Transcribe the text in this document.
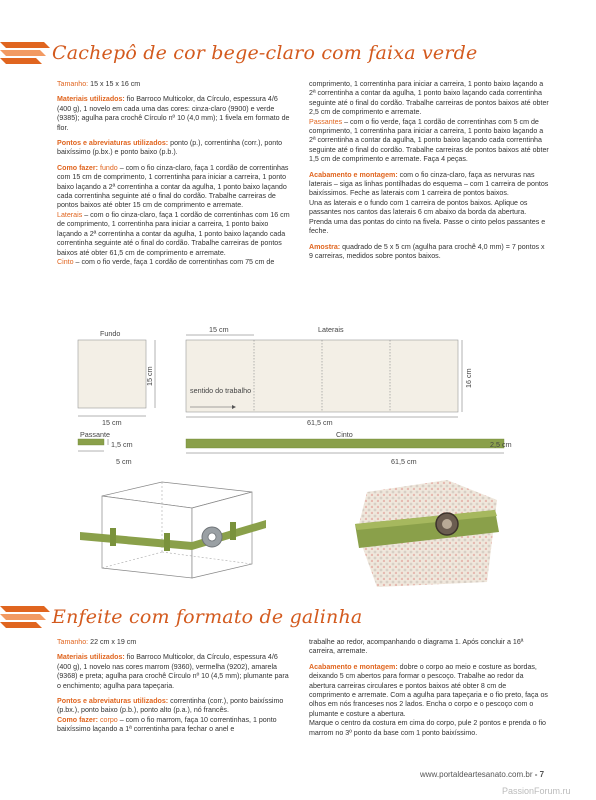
Cachepô de cor bege-claro com faixa verde

Tamanho: 15 x 15 x 16 cm

Materiais utilizados: fio Barroco Multicolor, da Círculo, espessura 4/6 (400 g), 1 novelo em cada uma das cores: cinza-claro (9900) e verde (9385); agulha para crochê Círculo nº 10 (4,0 mm); 1 fivela em formato de flor.

Pontos e abreviaturas utilizados: ponto (p.), correntinha (corr.), ponto baixíssimo (p.bx.) e ponto baixo (p.b.).

Como fazer: fundo – com o fio cinza-claro, faça 1 cordão de correntinhas com 15 cm de comprimento, 1 correntinha para iniciar a carreira, 1 ponto baixo laçando a 2ª correntinha a contar da agulha, 1 ponto baixo laçando cada correntinha seguinte até o final do cordão. Trabalhe carreiras de pontos baixos até obter 15 cm de comprimento e arremate.

Laterais – com o fio cinza-claro, faça 1 cordão de correntinhas com 16 cm de comprimento, 1 correntinha para iniciar a carreira, 1 ponto baixo laçando a 2ª correntinha a contar da agulha, 1 ponto baixo laçando cada correntinha seguinte até o final do cordão. Trabalhe carreiras de pontos baixos até obter 61,5 cm de comprimento e arremate.

Cinto – com o fio verde, faça 1 cordão de correntinhas com 75 cm de

comprimento, 1 correntinha para iniciar a carreira, 1 ponto baixo laçando a 2ª correntinha a contar da agulha, 1 ponto baixo laçando cada correntinha seguinte até o final do cordão. Trabalhe carreiras de pontos baixos até obter 2,5 cm de comprimento e arremate.

Passantes – com o fio verde, faça 1 cordão de correntinhas com 5 cm de comprimento, 1 correntinha para iniciar a carreira, 1 ponto baixo laçando a 2ª correntinha a contar da agulha, 1 ponto baixo laçando cada correntinha seguinte até o final do cordão. Trabalhe carreiras de pontos baixos até obter 1,5 cm de comprimento e arremate. Faça 4 peças.

Acabamento e montagem: com o fio cinza-claro, faça as nervuras nas laterais – siga as linhas pontilhadas do esquema – com 1 carreira de pontos baixíssimos. Feche as laterais com 1 carreira de pontos baixos.

Una as laterais e o fundo com 1 carreira de pontos baixos. Aplique os passantes nos cantos das laterais 6 cm abaixo da borda da abertura. Prenda uma das pontas do cinto na fivela. Passe o cinto pelos passantes e feche.

Amostra: quadrado de 5 x 5 cm (agulha para crochê 4,0 mm) = 7 pontos x 9 carreiras, medidos sobre pontos baixos.

Fundo
15 cm
15 cm
Laterais
15 cm
16 cm
61,5 cm
sentido do trabalho
Passante
1,5 cm
5 cm
Cinto
2,5 cm
61,5 cm
Enfeite com formato de galinha

Tamanho: 22 cm x 19 cm

Materiais utilizados: fio Barroco Multicolor, da Círculo, espessura 4/6 (400 g), 1 novelo nas cores marrom (9360), vermelha (9202), amarela (9368) e preta; agulha para crochê Círculo nº 10 (4,5 mm); plumante para o enchimento; agulha para tapeçaria.

Pontos e abreviaturas utilizados: correntinha (corr.), ponto baixíssimo (p.bx.), ponto baixo (p.b.), ponto alto (p.a.), nó francês.

Como fazer: corpo – com o fio marrom, faça 10 correntinhas, 1 ponto baixíssimo laçando a 1ª correntinha para fechar o anel e

trabalhe ao redor, acompanhando o diagrama 1. Após concluir a 16ª carreira, arremate.

Acabamento e montagem: dobre o corpo ao meio e costure as bordas, deixando 5 cm abertos para formar o pescoço. Trabalhe ao redor da abertura carreiras circulares e pontos baixos até obter 8 cm de comprimento e arremate. Com a agulha para tapeçaria e o fio preto, faça os olhos em nós franceses nos 2 lados. Encha o corpo e o pescoço com o plumante e costure a abertura.

Marque o centro da costura em cima do corpo, pule 2 pontos e prenda o fio marrom no 3º ponto da base com 1 ponto baixíssimo.

www.portaldeartesanato.com.br - 7
PassionForum.ru
